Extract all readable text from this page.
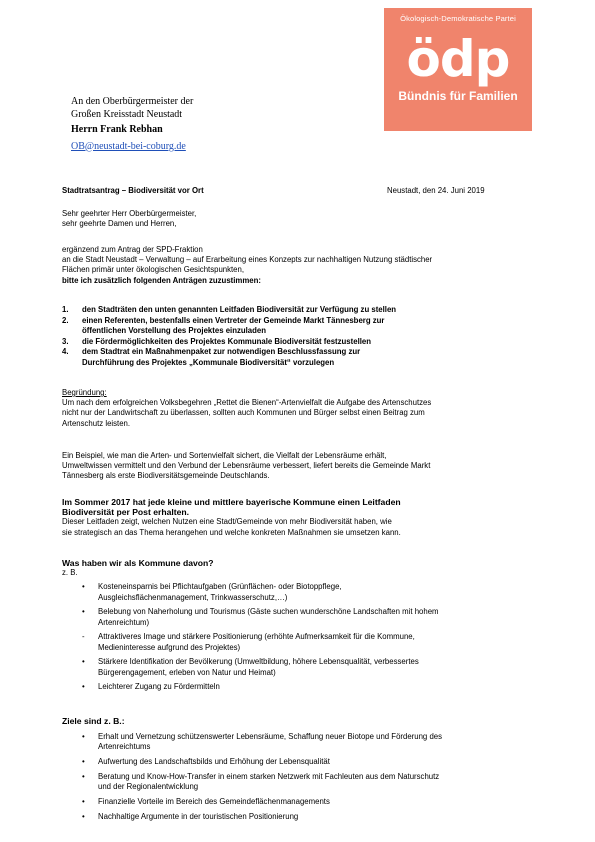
Ökologisch-Demokratische Partei
ödp
Bündnis für Familien
An den Oberbürgermeister der
Großen Kreisstadt Neustadt
Herrn Frank Rebhan
OB@neustadt-bei-coburg.de
Stadtratsantrag – Biodiversität vor Ort	Neustadt, den 24. Juni 2019
Sehr geehrter Herr Oberbürgermeister,
sehr geehrte Damen und Herren,
ergänzend zum Antrag der SPD-Fraktion
an die Stadt Neustadt – Verwaltung – auf Erarbeitung eines Konzepts zur nachhaltigen Nutzung städtischer
Flächen primär unter ökologischen Gesichtspunkten,
bitte ich zusätzlich folgenden Anträgen zuzustimmen:
1. den Stadträten den unten genannten Leitfaden Biodiversität zur Verfügung zu stellen
2. einen Referenten, bestenfalls einen Vertreter der Gemeinde Markt Tännesberg zur
öffentlichen Vorstellung des Projektes einzuladen
3. die Fördermöglichkeiten des Projektes Kommunale Biodiversität festzustellen
4. dem Stadtrat ein Maßnahmenpaket zur notwendigen Beschlussfassung zur
Durchführung des Projektes „Kommunale Biodiversität“ vorzulegen
Begründung:
Um nach dem erfolgreichen Volksbegehren „Rettet die Bienen“-Artenvielfalt die Aufgabe des Artenschutzes
nicht nur der Landwirtschaft zu überlassen, sollten auch Kommunen und Bürger selbst einen Beitrag zum
Artenschutz leisten.
Ein Beispiel, wie man die Arten- und Sortenvielfalt sichert, die Vielfalt der Lebensräume erhält,
Umweltwissen vermittelt und den Verbund der Lebensräume verbessert, liefert bereits die Gemeinde Markt
Tännesberg als erste Biodiversitätsgemeinde Deutschlands.
Im Sommer 2017 hat jede kleine und mittlere bayerische Kommune einen Leitfaden
Biodiversität per Post erhalten.
Dieser Leitfaden zeigt, welchen Nutzen eine Stadt/Gemeinde von mehr Biodiversität haben, wie
sie strategisch an das Thema herangehen und welche konkreten Maßnahmen sie umsetzen kann.
Was haben wir als Kommune davon?
z. B.
• Kosteneinsparnis bei Pflichtaufgaben (Grünflächen- oder Biotoppflege,
Ausgleichsflächenmanagement, Trinkwasserschutz,…)
• Belebung von Naherholung und Tourismus (Gäste suchen wunderschöne Landschaften mit hohem
Artenreichtum)
- Attraktiveres Image und stärkere Positionierung (erhöhte Aufmerksamkeit für die Kommune,
Medieninteresse aufgrund des Projektes)
• Stärkere Identifikation der Bevölkerung (Umweltbildung, höhere Lebensqualität, verbessertes
Bürgerengagement, erleben von Natur und Heimat)
• Leichterer Zugang zu Fördermitteln
Ziele sind z. B.:
• Erhalt und Vernetzung schützenswerter Lebensräume, Schaffung neuer Biotope und Förderung des
Artenreichtums
• Aufwertung des Landschaftsbilds und Erhöhung der Lebensqualität
• Beratung und Know-How-Transfer in einem starken Netzwerk mit Fachleuten aus dem Naturschutz
und der Regionalentwicklung
• Finanzielle Vorteile im Bereich des Gemeindeflächenmanagements
• Nachhaltige Argumente in der touristischen Positionierung
